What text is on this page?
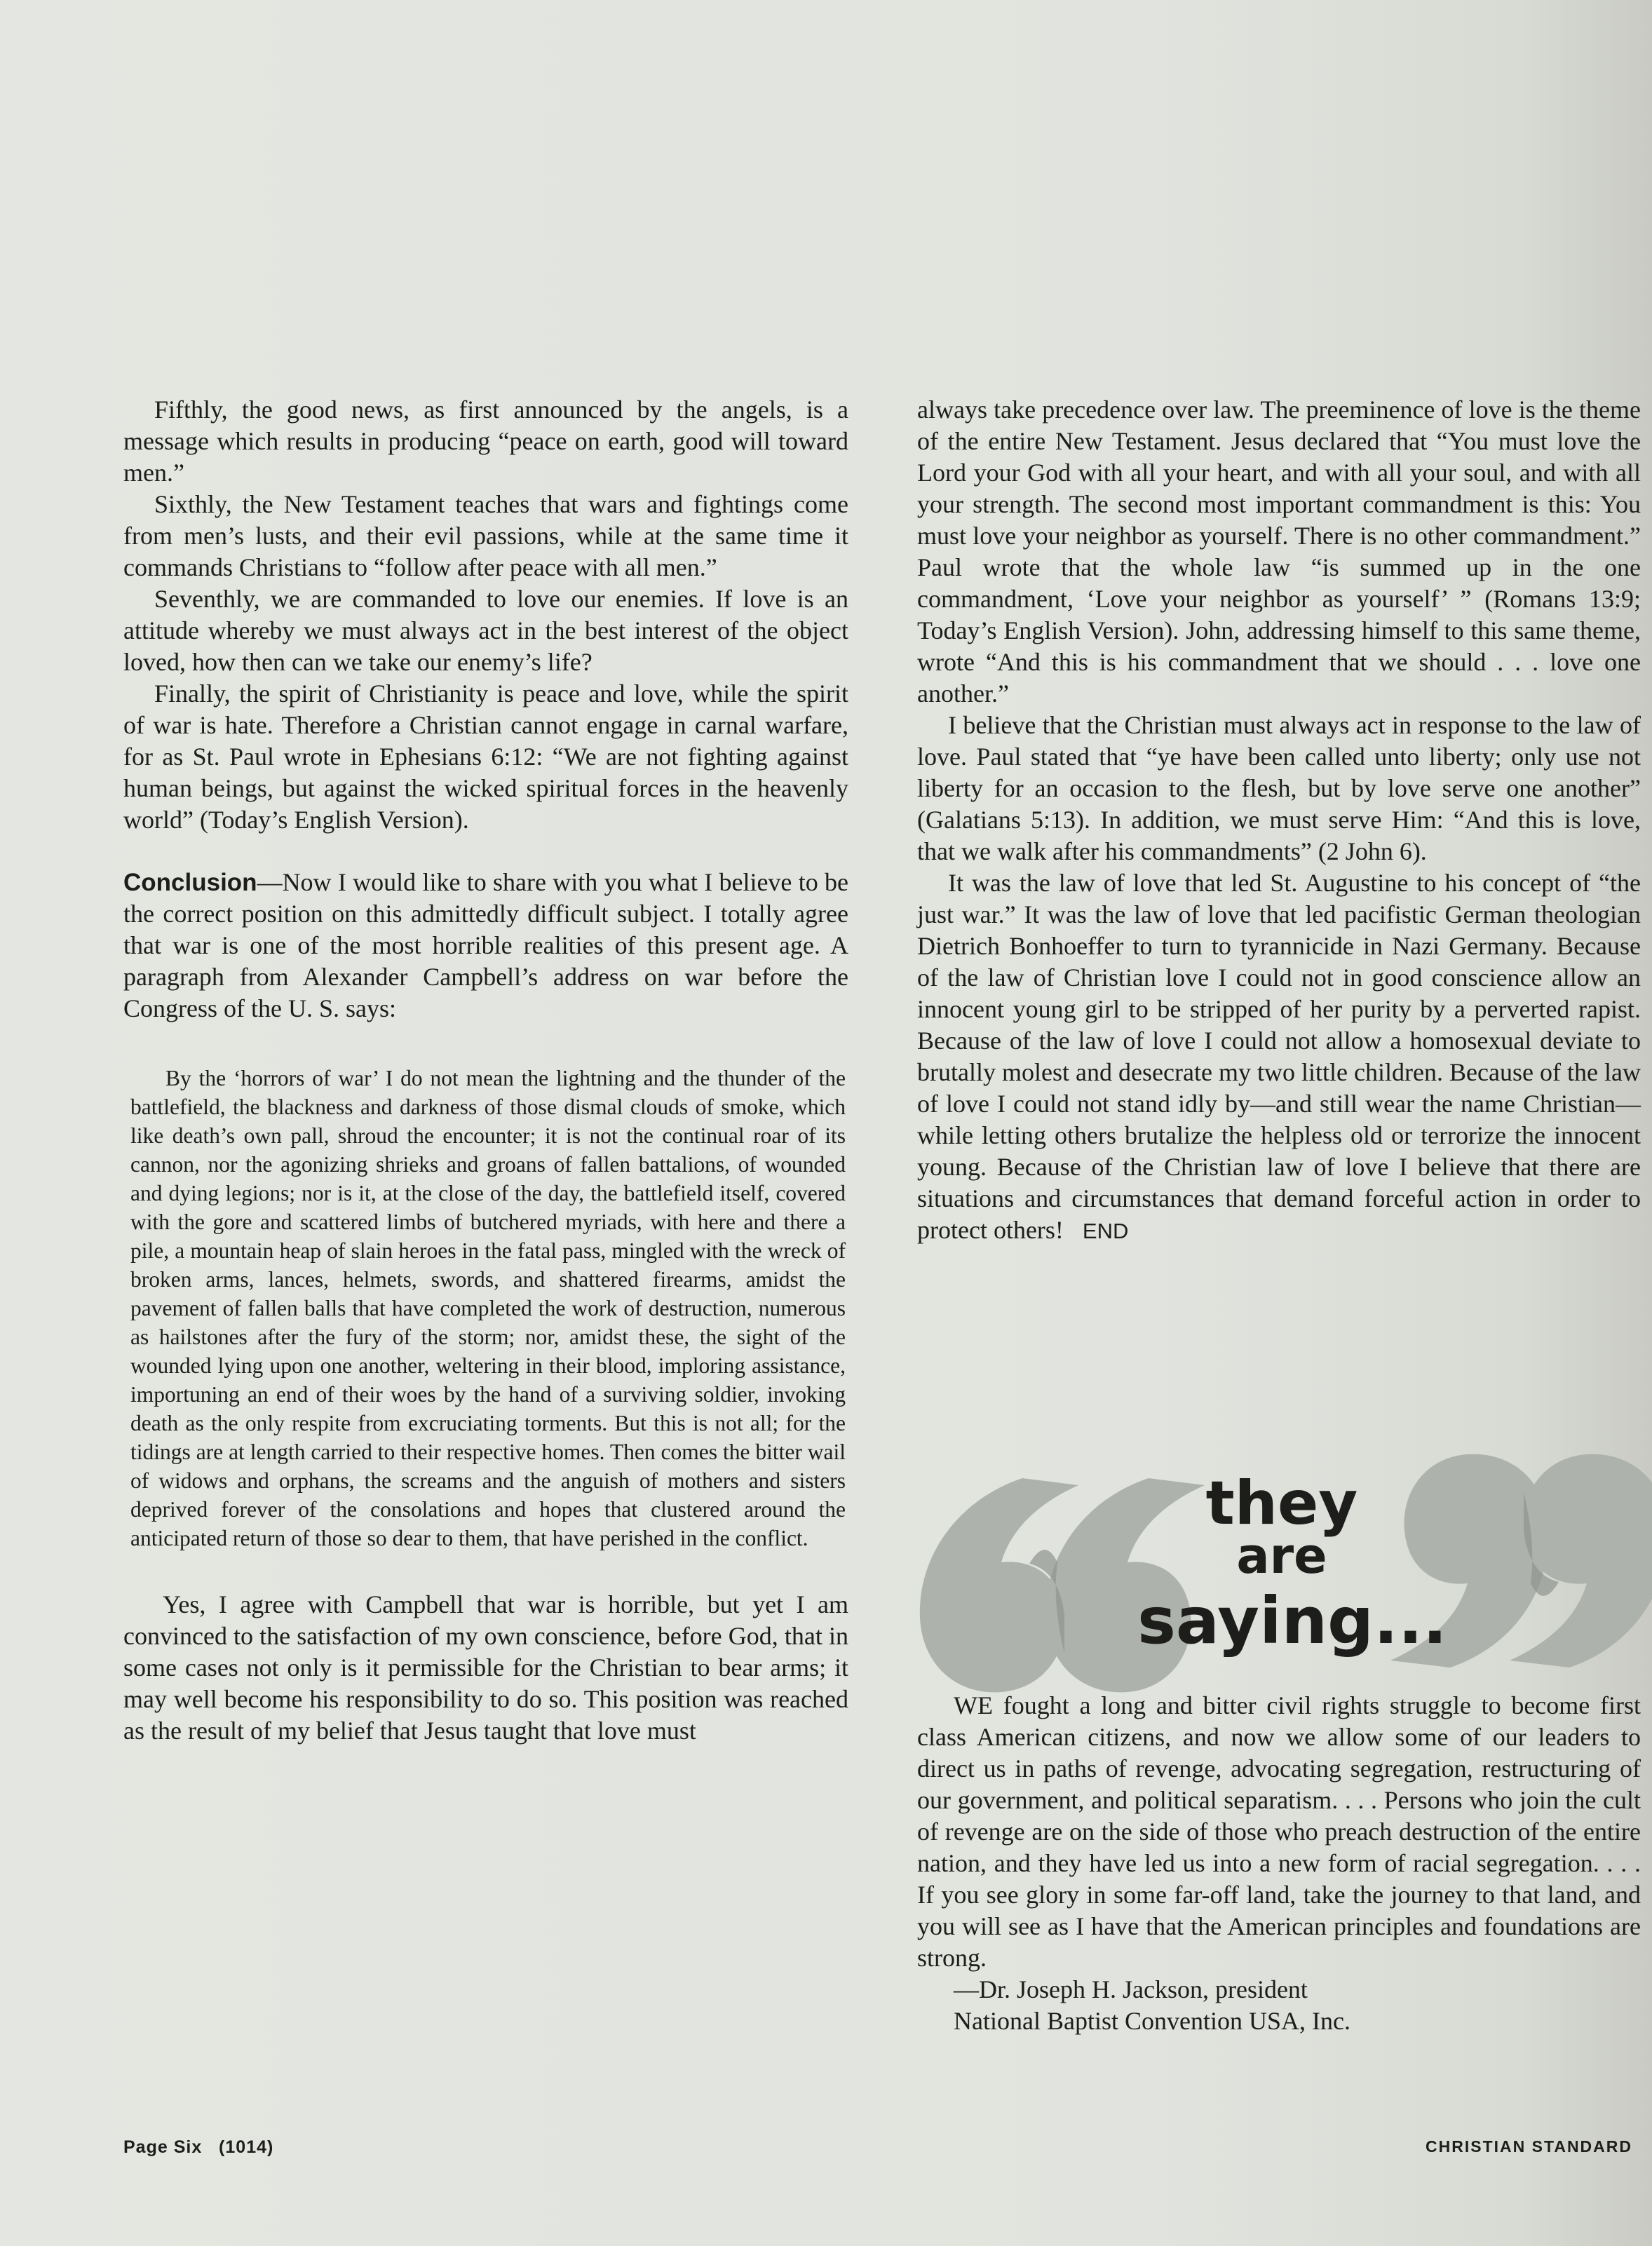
Fifthly, the good news, as first announced by the angels, is a message which results in producing “peace on earth, good will toward men.”

Sixthly, the New Testament teaches that wars and fightings come from men’s lusts, and their evil passions, while at the same time it commands Christians to “follow after peace with all men.”

Seventhly, we are commanded to love our enemies. If love is an attitude whereby we must always act in the best interest of the object loved, how then can we take our enemy’s life?

Finally, the spirit of Christianity is peace and love, while the spirit of war is hate. Therefore a Christian cannot engage in carnal warfare, for as St. Paul wrote in Ephesians 6:12: “We are not fighting against human beings, but against the wicked spiritual forces in the heavenly world” (Today’s English Version).

Conclusion—Now I would like to share with you what I believe to be the correct position on this admittedly difficult subject. I totally agree that war is one of the most horrible realities of this present age. A paragraph from Alexander Campbell’s address on war before the Congress of the U. S. says:

By the ‘horrors of war’ I do not mean the lightning and the thunder of the battlefield, the blackness and darkness of those dismal clouds of smoke, which like death’s own pall, shroud the encounter; it is not the continual roar of its cannon, nor the agonizing shrieks and groans of fallen battalions, of wounded and dying legions; nor is it, at the close of the day, the battlefield itself, covered with the gore and scattered limbs of butchered myriads, with here and there a pile, a mountain heap of slain heroes in the fatal pass, mingled with the wreck of broken arms, lances, helmets, swords, and shattered firearms, amidst the pavement of fallen balls that have completed the work of destruction, numerous as hailstones after the fury of the storm; nor, amidst these, the sight of the wounded lying upon one another, weltering in their blood, imploring assistance, importuning an end of their woes by the hand of a surviving soldier, invoking death as the only respite from excruciating torments. But this is not all; for the tidings are at length carried to their respective homes. Then comes the bitter wail of widows and orphans, the screams and the anguish of mothers and sisters deprived forever of the consolations and hopes that clustered around the anticipated return of those so dear to them, that have perished in the conflict.

Yes, I agree with Campbell that war is horrible, but yet I am convinced to the satisfaction of my own conscience, before God, that in some cases not only is it permissible for the Christian to bear arms; it may well become his responsibility to do so. This position was reached as the result of my belief that Jesus taught that love must

always take precedence over law. The preeminence of love is the theme of the entire New Testament. Jesus declared that “You must love the Lord your God with all your heart, and with all your soul, and with all your strength. The second most important commandment is this: You must love your neighbor as yourself. There is no other commandment.” Paul wrote that the whole law “is summed up in the one commandment, ‘Love your neighbor as yourself’ ” (Romans 13:9; Today’s English Version). John, addressing himself to this same theme, wrote “And this is his commandment that we should . . . love one another.”

I believe that the Christian must always act in response to the law of love. Paul stated that “ye have been called unto liberty; only use not liberty for an occasion to the flesh, but by love serve one another” (Galatians 5:13). In addition, we must serve Him: “And this is love, that we walk after his commandments” (2 John 6).

It was the law of love that led St. Augustine to his concept of “the just war.” It was the law of love that led pacifistic German theologian Dietrich Bonhoeffer to turn to tyrannicide in Nazi Germany. Because of the law of Christian love I could not in good conscience allow an innocent young girl to be stripped of her purity by a perverted rapist. Because of the law of love I could not allow a homosexual deviate to brutally molest and desecrate my two little children. Because of the law of love I could not stand idly by—and still wear the name Christian—while letting others brutalize the helpless old or terrorize the innocent young. Because of the Christian law of love I believe that there are situations and circumstances that demand forceful action in order to protect others! END

they
are
saying...

WE fought a long and bitter civil rights struggle to become first class American citizens, and now we allow some of our leaders to direct us in paths of revenge, advocating segregation, restructuring of our government, and political separatism. . . . Persons who join the cult of revenge are on the side of those who preach destruction of the entire nation, and they have led us into a new form of racial segregation. . . . If you see glory in some far-off land, take the journey to that land, and you will see as I have that the American principles and foundations are strong.

—Dr. Joseph H. Jackson, president
National Baptist Convention USA, Inc.

Page Six   (1014)	CHRISTIAN STANDARD
